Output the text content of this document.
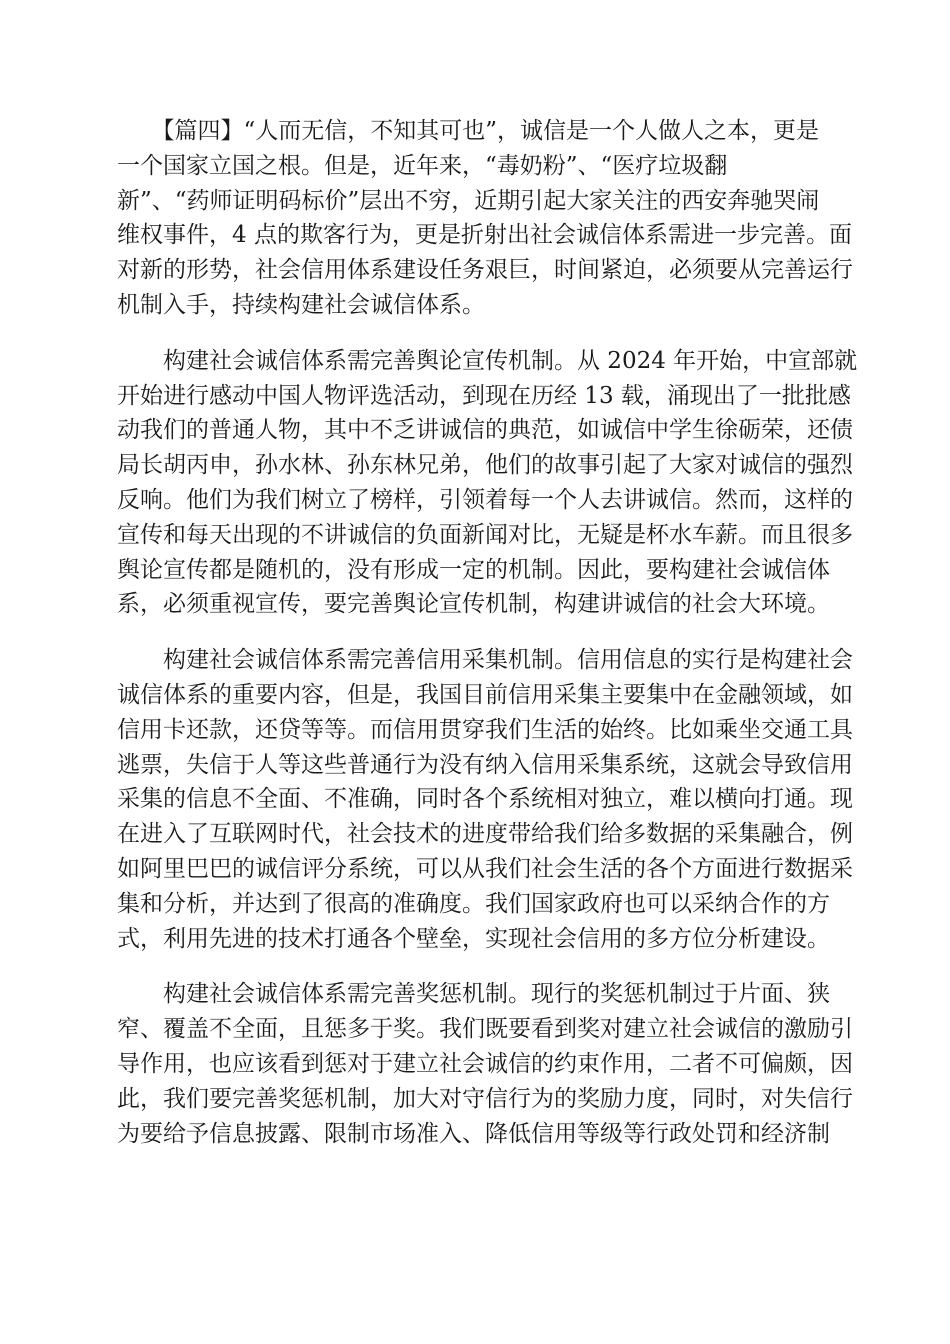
　　【篇四】“人而无信，不知其可也”，诚信是一个人做人之本，更是
一个国家立国之根。但是，近年来，“毒奶粉”、“医疗垃圾翻
新”、“药师证明码标价”层出不穷，近期引起大家关注的西安奔驰哭闹
维权事件，4 点的欺客行为，更是折射出社会诚信体系需进一步完善。面
对新的形势，社会信用体系建设任务艰巨，时间紧迫，必须要从完善运行
机制入手，持续构建社会诚信体系。

　　构建社会诚信体系需完善舆论宣传机制。从 2024 年开始，中宣部就
开始进行感动中国人物评选活动，到现在历经 13 载，涌现出了一批批感
动我们的普通人物，其中不乏讲诚信的典范，如诚信中学生徐砺荣，还债
局长胡丙申，孙水林、孙东林兄弟，他们的故事引起了大家对诚信的强烈
反响。他们为我们树立了榜样，引领着每一个人去讲诚信。然而，这样的
宣传和每天出现的不讲诚信的负面新闻对比，无疑是杯水车薪。而且很多
舆论宣传都是随机的，没有形成一定的机制。因此，要构建社会诚信体
系，必须重视宣传，要完善舆论宣传机制，构建讲诚信的社会大环境。

　　构建社会诚信体系需完善信用采集机制。信用信息的实行是构建社会
诚信体系的重要内容，但是，我国目前信用采集主要集中在金融领域，如
信用卡还款，还贷等等。而信用贯穿我们生活的始终。比如乘坐交通工具
逃票，失信于人等这些普通行为没有纳入信用采集系统，这就会导致信用
采集的信息不全面、不准确，同时各个系统相对独立，难以横向打通。现
在进入了互联网时代，社会技术的进度带给我们给多数据的采集融合，例
如阿里巴巴的诚信评分系统，可以从我们社会生活的各个方面进行数据采
集和分析，并达到了很高的准确度。我们国家政府也可以采纳合作的方
式，利用先进的技术打通各个壁垒，实现社会信用的多方位分析建设。

　　构建社会诚信体系需完善奖惩机制。现行的奖惩机制过于片面、狭
窄、覆盖不全面，且惩多于奖。我们既要看到奖对建立社会诚信的激励引
导作用，也应该看到惩对于建立社会诚信的约束作用，二者不可偏颇，因
此，我们要完善奖惩机制，加大对守信行为的奖励力度，同时，对失信行
为要给予信息披露、限制市场准入、降低信用等级等行政处罚和经济制
